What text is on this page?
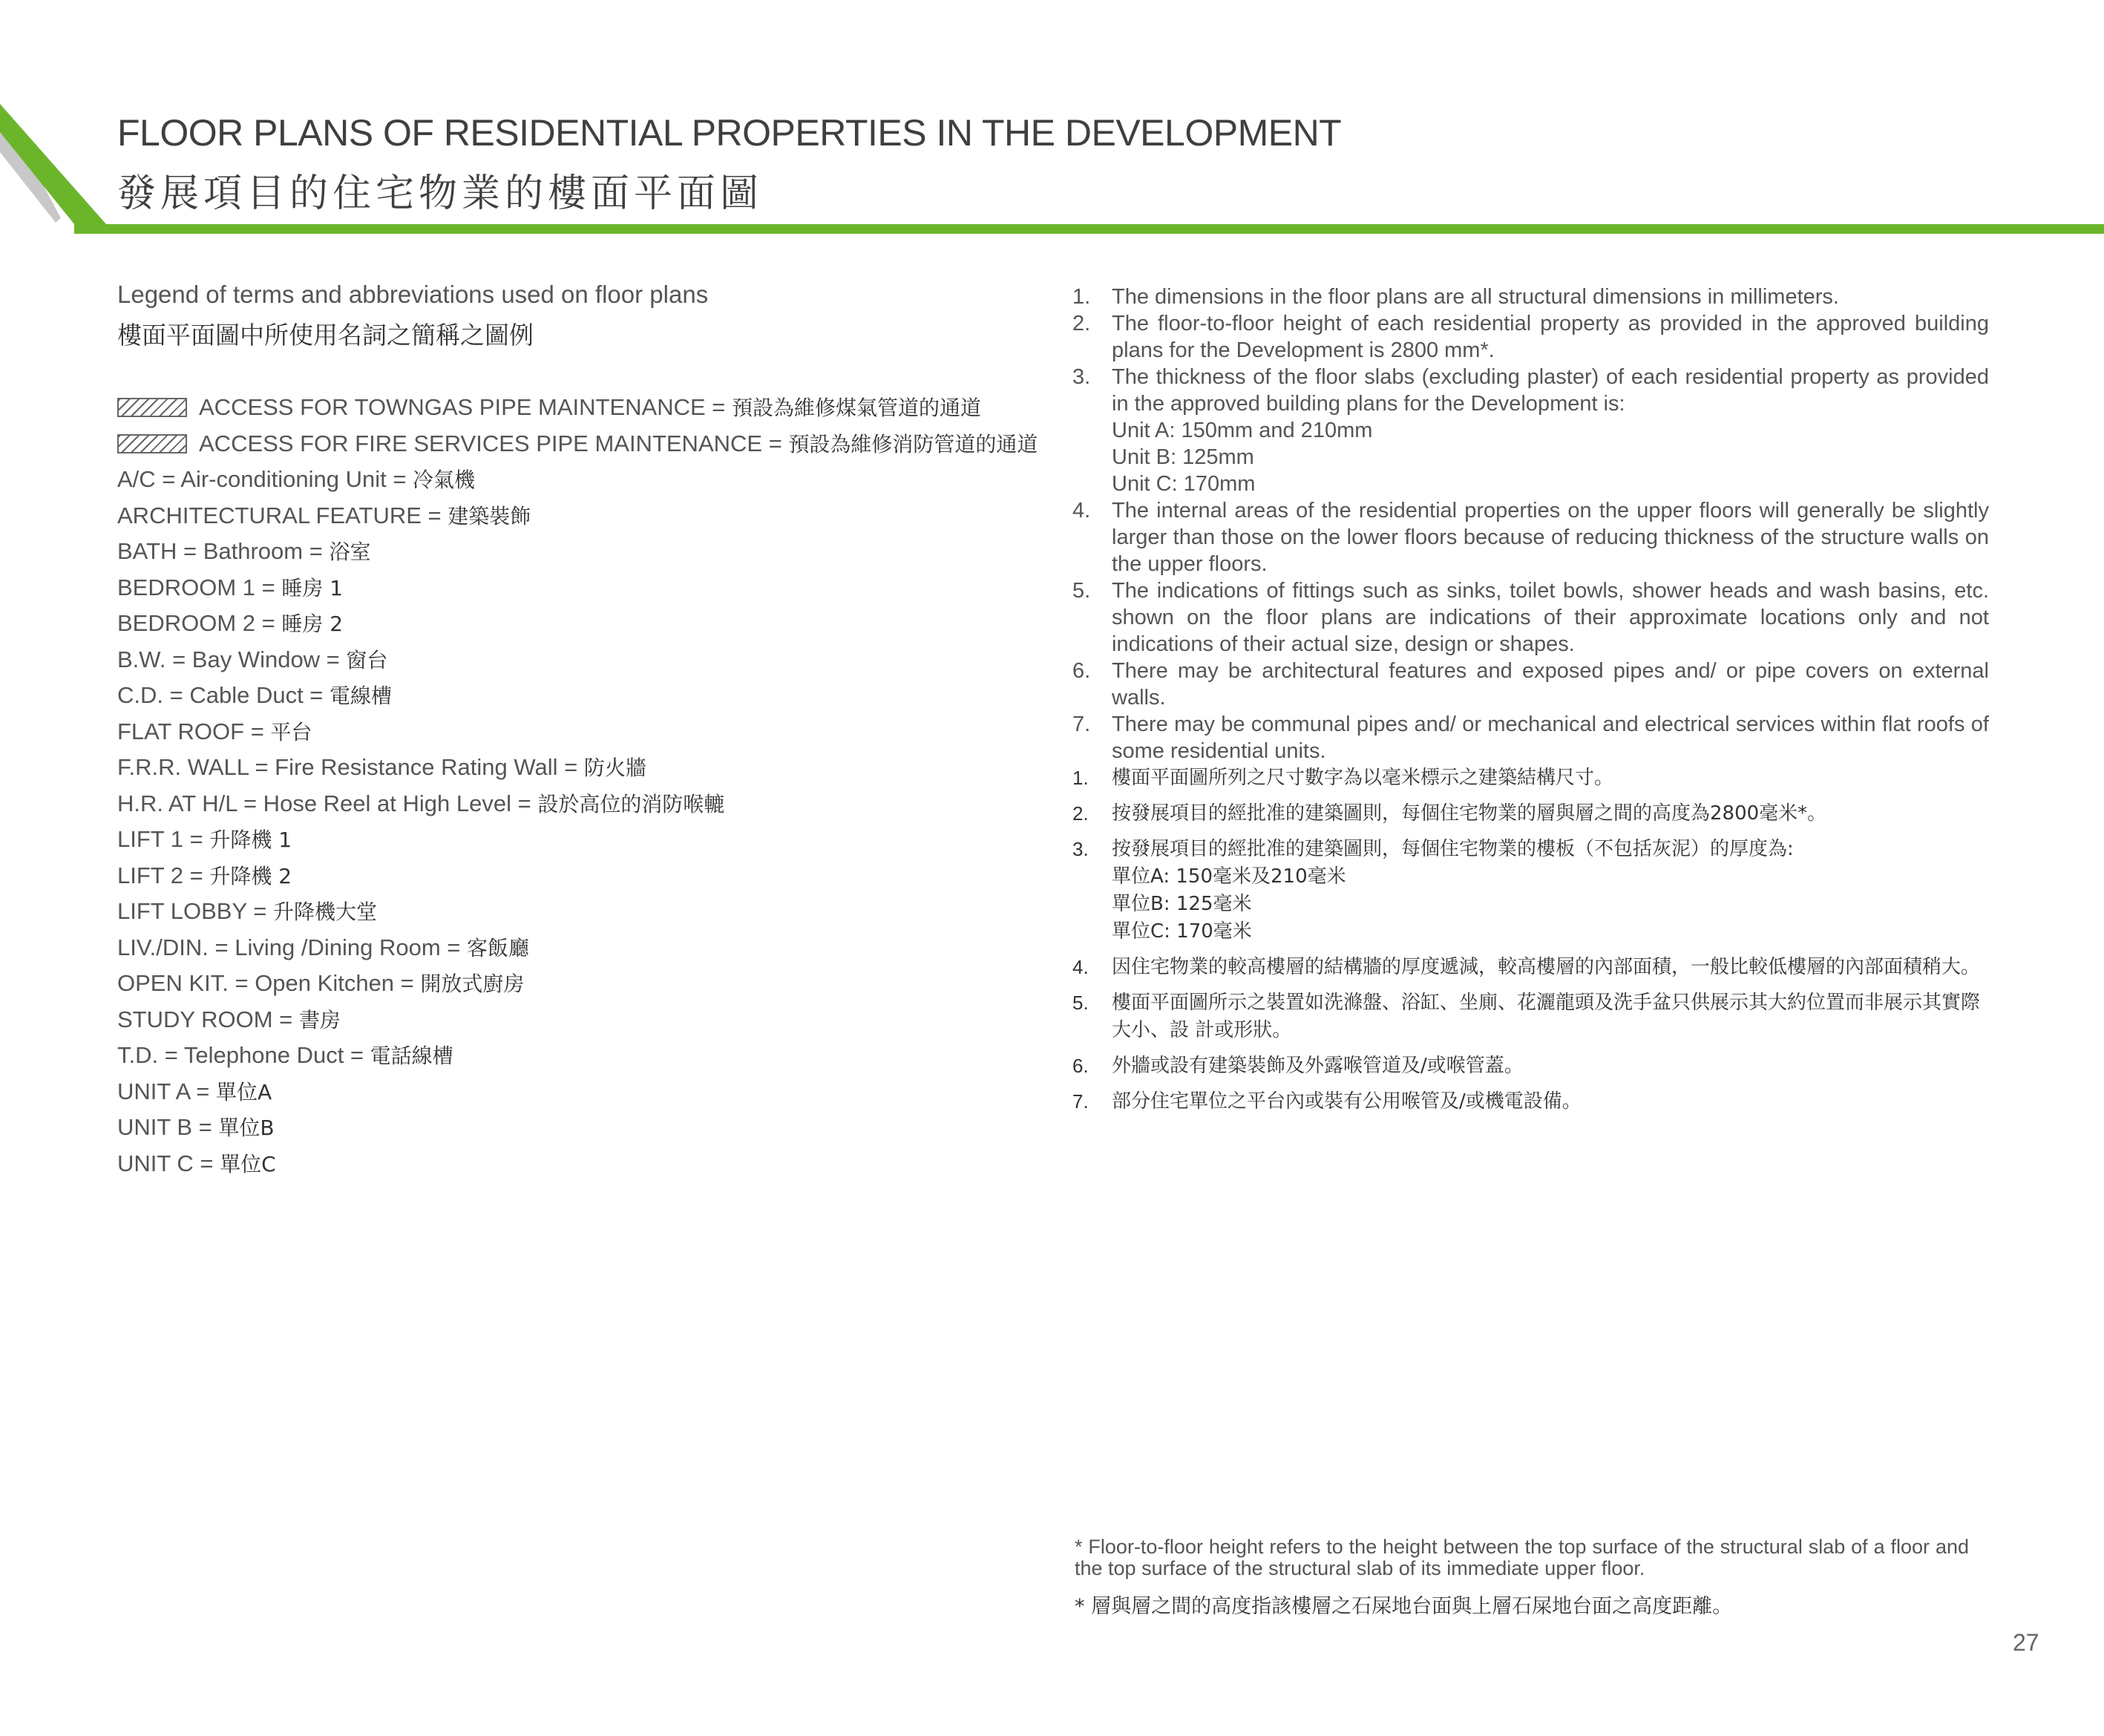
FLOOR PLANS OF RESIDENTIAL PROPERTIES IN THE DEVELOPMENT
發展項目的住宅物業的樓面平面圖
Legend of terms and abbreviations used on floor plans
樓面平面圖中所使用名詞之簡稱之圖例
ACCESS FOR TOWNGAS PIPE MAINTENANCE = 預設為維修煤氣管道的通道
ACCESS FOR FIRE SERVICES PIPE MAINTENANCE = 預設為維修消防管道的通道
A/C = Air-conditioning Unit = 冷氣機
ARCHITECTURAL FEATURE = 建築裝飾
BATH = Bathroom = 浴室
BEDROOM 1 = 睡房 1
BEDROOM 2 = 睡房 2
B.W. = Bay Window = 窗台
C.D. = Cable Duct = 電線槽
FLAT ROOF = 平台
F.R.R. WALL = Fire Resistance Rating Wall = 防火牆
H.R. AT H/L = Hose Reel at High Level = 設於高位的消防喉轆
LIFT 1 = 升降機 1
LIFT 2 = 升降機 2
LIFT LOBBY = 升降機大堂
LIV./DIN. = Living /Dining Room = 客飯廳
OPEN KIT. = Open Kitchen = 開放式廚房
STUDY ROOM = 書房
T.D. = Telephone Duct = 電話線槽
UNIT A = 單位A
UNIT B = 單位B
UNIT C = 單位C
1. The dimensions in the floor plans are all structural dimensions in millimeters.
2. The floor-to-floor height of each residential property as provided in the approved building plans for the Development is 2800 mm*.
3. The thickness of the floor slabs (excluding plaster) of each residential property as provided in the approved building plans for the Development is:
Unit A: 150mm and 210mm
Unit B: 125mm
Unit C: 170mm
4. The internal areas of the residential properties on the upper floors will generally be slightly larger than those on the lower floors because of reducing thickness of the structure walls on the upper floors.
5. The indications of fittings such as sinks, toilet bowls, shower heads and wash basins, etc. shown on the floor plans are indications of their approximate locations only and not indications of their actual size, design or shapes.
6. There may be architectural features and exposed pipes and/ or pipe covers on external walls.
7. There may be communal pipes and/ or mechanical and electrical services within flat roofs of some residential units.
1. 樓面平面圖所列之尺寸數字為以毫米標示之建築結構尺寸。
2. 按發展項目的經批准的建築圖則，每個住宅物業的層與層之間的高度為2800毫米*。
3. 按發展項目的經批准的建築圖則，每個住宅物業的樓板（不包括灰泥）的厚度為:
單位A: 150毫米及210毫米
單位B: 125毫米
單位C: 170毫米
4. 因住宅物業的較高樓層的結構牆的厚度遞減，較高樓層的內部面積，一般比較低樓層的內部面積稍大。
5. 樓面平面圖所示之裝置如洗滌盤、浴缸、坐廁、花灑龍頭及洗手盆只供展示其大約位置而非展示其實際大小、設 計或形狀。
6. 外牆或設有建築裝飾及外露喉管道及/或喉管蓋。
7. 部分住宅單位之平台內或裝有公用喉管及/或機電設備。
* Floor-to-floor height refers to the height between the top surface of the structural slab of a floor and the top surface of the structural slab of its immediate upper floor.
* 層與層之間的高度指該樓層之石屎地台面與上層石屎地台面之高度距離。
27
